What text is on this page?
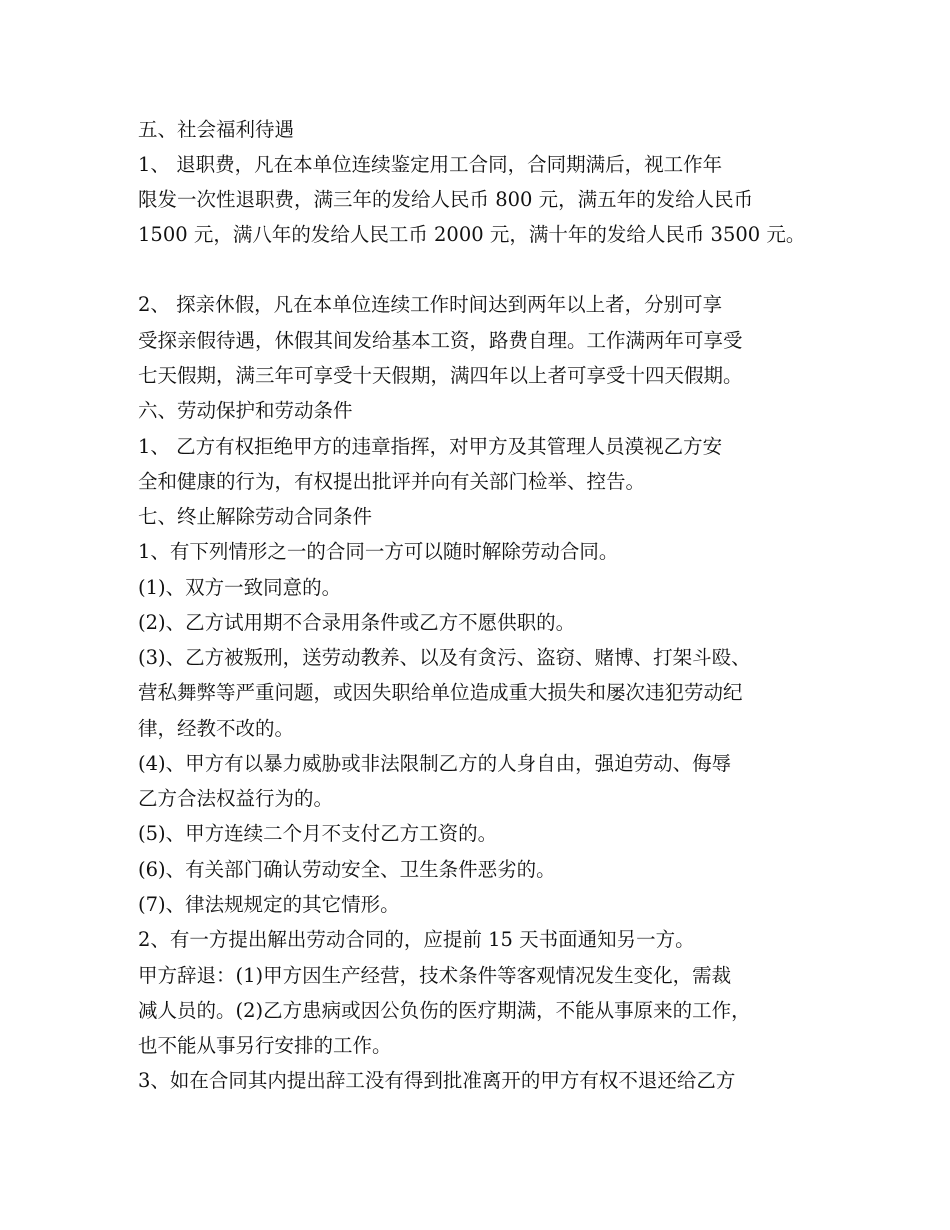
五、社会福利待遇

1、 退职费，凡在本单位连续鉴定用工合同，合同期满后，视工作年

限发一次性退职费，满三年的发给人民币 800 元，满五年的发给人民币

1500 元，满八年的发给人民工币 2000 元，满十年的发给人民币 3500 元。

2、 探亲休假，凡在本单位连续工作时间达到两年以上者，分别可享

受探亲假待遇，休假其间发给基本工资，路费自理。工作满两年可享受

七天假期，满三年可享受十天假期，满四年以上者可享受十四天假期。

六、劳动保护和劳动条件

1、 乙方有权拒绝甲方的违章指挥，对甲方及其管理人员漠视乙方安

全和健康的行为，有权提出批评并向有关部门检举、控告。

七、终止解除劳动合同条件

1、有下列情形之一的合同一方可以随时解除劳动合同。

(1)、双方一致同意的。

(2)、乙方试用期不合录用条件或乙方不愿供职的。

(3)、乙方被叛刑，送劳动教养、以及有贪污、盗窃、赌博、打架斗殴、

营私舞弊等严重问题，或因失职给单位造成重大损失和屡次违犯劳动纪

律，经教不改的。

(4)、甲方有以暴力威胁或非法限制乙方的人身自由，强迫劳动、侮辱

乙方合法权益行为的。

(5)、甲方连续二个月不支付乙方工资的。

(6)、有关部门确认劳动安全、卫生条件恶劣的。

(7)、律法规规定的其它情形。

2、有一方提出解出劳动合同的，应提前 15 天书面通知另一方。

甲方辞退：(1)甲方因生产经营，技术条件等客观情况发生变化，需裁

减人员的。(2)乙方患病或因公负伤的医疗期满，不能从事原来的工作，

也不能从事另行安排的工作。

3、如在合同其内提出辞工没有得到批准离开的甲方有权不退还给乙方
